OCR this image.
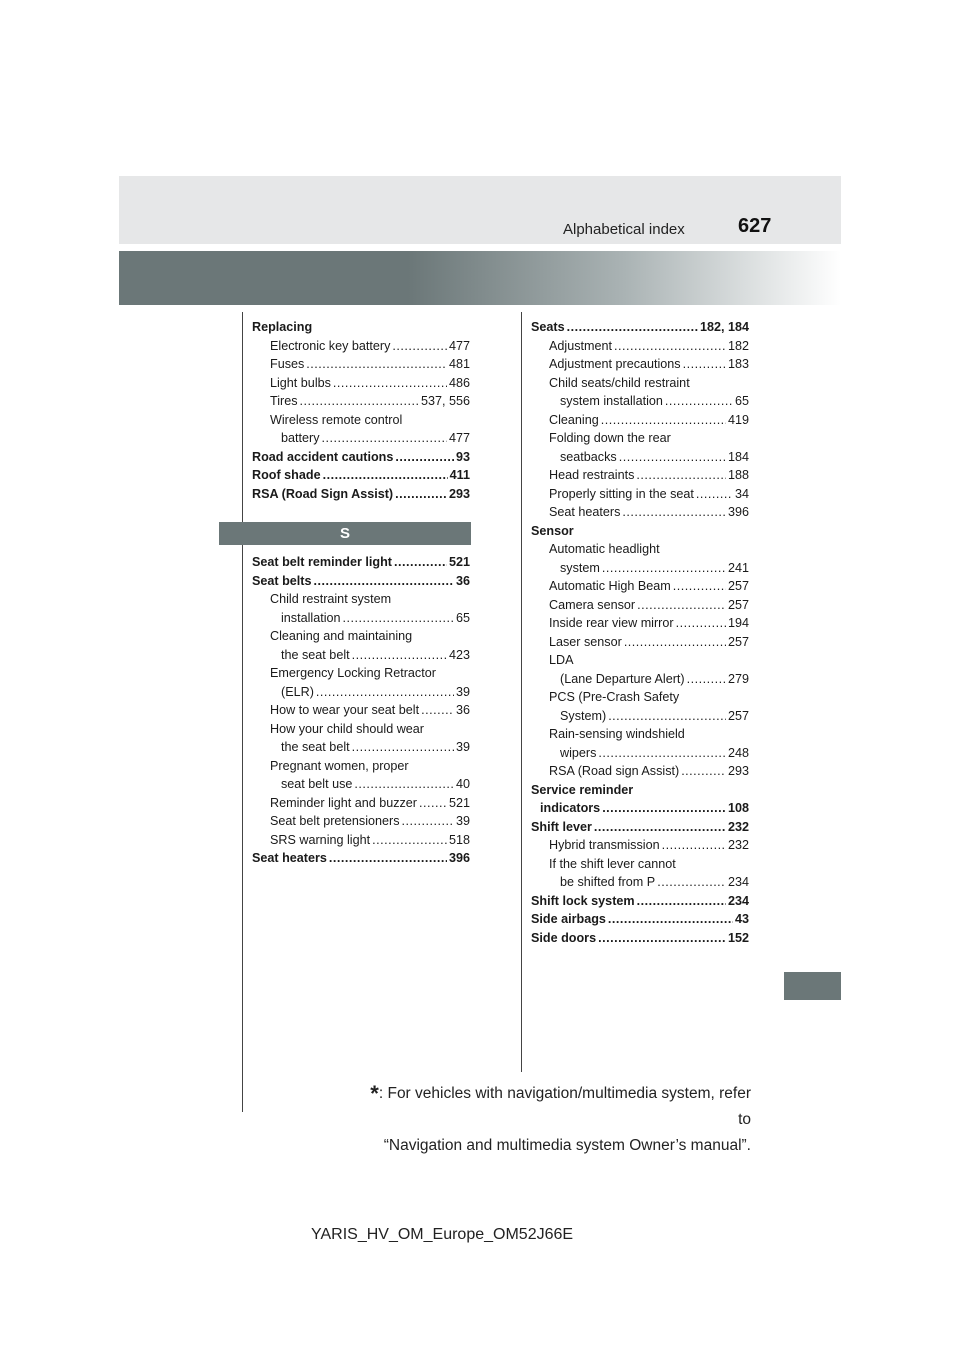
Alphabetical index	627
Replacing
Electronic key battery .....	477
Fuses .....	481
Light bulbs .....	486
Tires .....	537, 556
Wireless remote control
battery .....	477
Road accident cautions .....	93
Roof shade .....	411
RSA (Road Sign Assist) .....	293
S
Seat belt reminder light .....	521
Seat belts .....	36
Child restraint system
installation .....	65
Cleaning and maintaining
the seat belt .....	423
Emergency Locking Retractor
(ELR) .....	39
How to wear your seat belt .....	36
How your child should wear
the seat belt .....	39
Pregnant women, proper
seat belt use .....	40
Reminder light and buzzer .....	521
Seat belt pretensioners .....	39
SRS warning light .....	518
Seat heaters .....	396
Seats .....	182, 184
Adjustment .....	182
Adjustment precautions .....	183
Child seats/child restraint
system installation .....	65
Cleaning .....	419
Folding down the rear
seatbacks .....	184
Head restraints .....	188
Properly sitting in the seat .....	34
Seat heaters .....	396
Sensor
Automatic headlight
system .....	241
Automatic High Beam .....	257
Camera sensor .....	257
Inside rear view mirror .....	194
Laser sensor .....	257
LDA
(Lane Departure Alert) .....	279
PCS (Pre-Crash Safety
System) .....	257
Rain-sensing windshield
wipers .....	248
RSA (Road sign Assist) .....	293
Service reminder
indicators .....	108
Shift lever .....	232
Hybrid transmission .....	232
If the shift lever cannot
be shifted from P .....	234
Shift lock system .....	234
Side airbags .....	43
Side doors .....	152
*: For vehicles with navigation/multimedia system, refer to
“Navigation and multimedia system Owner’s manual”.
YARIS_HV_OM_Europe_OM52J66E
